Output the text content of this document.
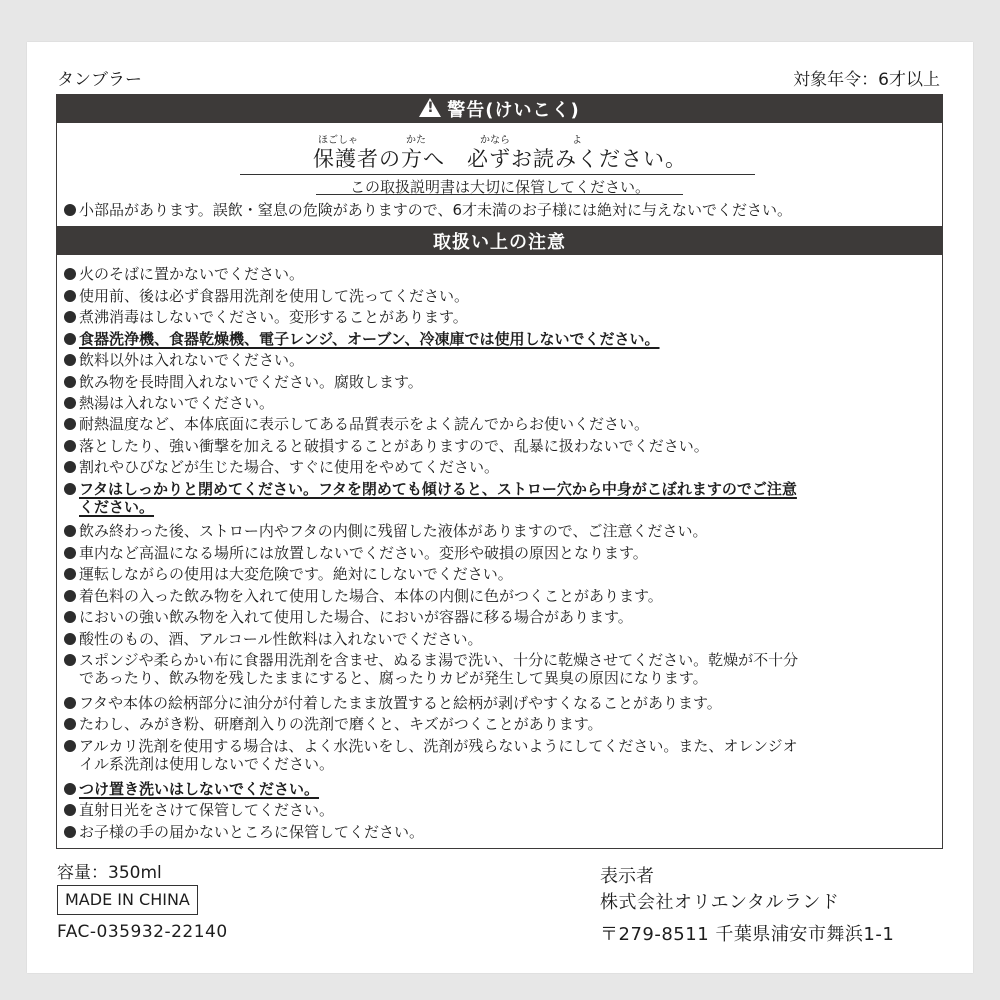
タンブラー	対象年令：6才以上
!
警告(けいこく)
ほごしゃ	かた	かなら	よ
保護者の方へ　必ずお読みください。
この取扱説明書は大切に保管してください。
小部品があります。誤飲・窒息の危険がありますので、6才未満のお子様には絶対に与えないでください。
取扱い上の注意
火のそばに置かないでください。
使用前、後は必ず食器用洗剤を使用して洗ってください。
煮沸消毒はしないでください。変形することがあります。
食器洗浄機、食器乾燥機、電子レンジ、オーブン、冷凍庫では使用しないでください。
飲料以外は入れないでください。
飲み物を長時間入れないでください。腐敗します。
熱湯は入れないでください。
耐熱温度など、本体底面に表示してある品質表示をよく読んでからお使いください。
落としたり、強い衝撃を加えると破損することがありますので、乱暴に扱わないでください。
割れやひびなどが生じた場合、すぐに使用をやめてください。
フタはしっかりと閉めてください。フタを閉めても傾けると、ストロー穴から中身がこぼれますのでご注意
ください。
飲み終わった後、ストロー内やフタの内側に残留した液体がありますので、ご注意ください。
車内など高温になる場所には放置しないでください。変形や破損の原因となります。
運転しながらの使用は大変危険です。絶対にしないでください。
着色料の入った飲み物を入れて使用した場合、本体の内側に色がつくことがあります。
においの強い飲み物を入れて使用した場合、においが容器に移る場合があります。
酸性のもの、酒、アルコール性飲料は入れないでください。
スポンジや柔らかい布に食器用洗剤を含ませ、ぬるま湯で洗い、十分に乾燥させてください。乾燥が不十分
であったり、飲み物を残したままにすると、腐ったりカビが発生して異臭の原因になります。
フタや本体の絵柄部分に油分が付着したまま放置すると絵柄が剥げやすくなることがあります。
たわし、みがき粉、研磨剤入りの洗剤で磨くと、キズがつくことがあります。
アルカリ洗剤を使用する場合は、よく水洗いをし、洗剤が残らないようにしてください。また、オレンジオ
イル系洗剤は使用しないでください。
つけ置き洗いはしないでください。
直射日光をさけて保管してください。
お子様の手の届かないところに保管してください。
容量：350ml
MADE IN CHINA
FAC-035932-22140
表示者
株式会社オリエンタルランド
〒279-8511 千葉県浦安市舞浜1-1
